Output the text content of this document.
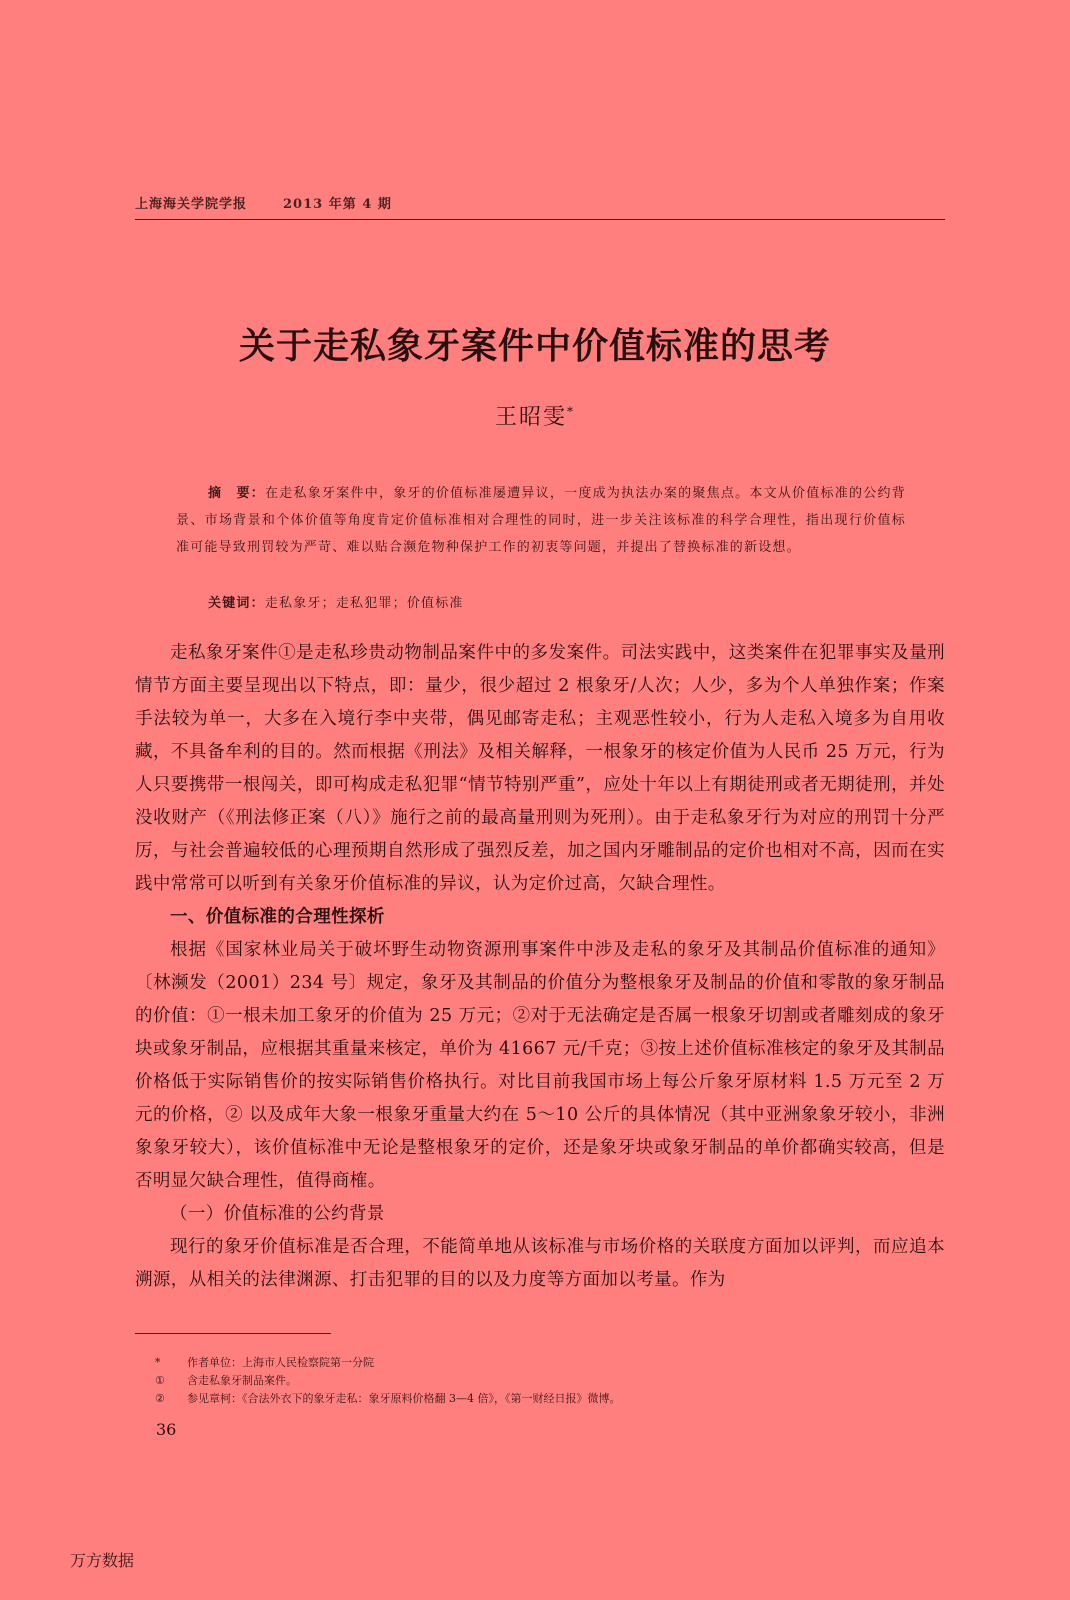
上海海关学院学报	2013 年第 4 期
关于走私象牙案件中价值标准的思考
王昭雯*
摘　要：在走私象牙案件中，象牙的价值标准屡遭异议，一度成为执法办案的聚焦点。本文从价值标准的公约背景、市场背景和个体价值等角度肯定价值标准相对合理性的同时，进一步关注该标准的科学合理性，指出现行价值标准可能导致刑罚较为严苛、难以贴合濒危物种保护工作的初衷等问题，并提出了替换标准的新设想。
关键词：走私象牙；走私犯罪；价值标准

走私象牙案件①是走私珍贵动物制品案件中的多发案件。司法实践中，这类案件在犯罪事实及量刑情节方面主要呈现出以下特点，即：量少，很少超过 2 根象牙/人次；人少，多为个人单独作案；作案手法较为单一，大多在入境行李中夹带，偶见邮寄走私；主观恶性较小，行为人走私入境多为自用收藏，不具备牟利的目的。然而根据《刑法》及相关解释，一根象牙的核定价值为人民币 25 万元，行为人只要携带一根闯关，即可构成走私犯罪“情节特别严重”，应处十年以上有期徒刑或者无期徒刑，并处没收财产（《刑法修正案（八）》施行之前的最高量刑则为死刑）。由于走私象牙行为对应的刑罚十分严厉，与社会普遍较低的心理预期自然形成了强烈反差，加之国内牙雕制品的定价也相对不高，因而在实践中常常可以听到有关象牙价值标准的异议，认为定价过高，欠缺合理性。

一、价值标准的合理性探析

根据《国家林业局关于破坏野生动物资源刑事案件中涉及走私的象牙及其制品价值标准的通知》〔林濒发（2001）234 号〕规定，象牙及其制品的价值分为整根象牙及制品的价值和零散的象牙制品的价值：①一根未加工象牙的价值为 25 万元；②对于无法确定是否属一根象牙切割或者雕刻成的象牙块或象牙制品，应根据其重量来核定，单价为 41667 元/千克；③按上述价值标准核定的象牙及其制品价格低于实际销售价的按实际销售价格执行。对比目前我国市场上每公斤象牙原材料 1.5 万元至 2 万元的价格，② 以及成年大象一根象牙重量大约在 5～10 公斤的具体情况（其中亚洲象象牙较小，非洲象象牙较大），该价值标准中无论是整根象牙的定价，还是象牙块或象牙制品的单价都确实较高，但是否明显欠缺合理性，值得商榷。

（一）价值标准的公约背景

现行的象牙价值标准是否合理，不能简单地从该标准与市场价格的关联度方面加以评判，而应追本溯源，从相关的法律渊源、打击犯罪的目的以及力度等方面加以考量。作为

* 作者单位：上海市人民检察院第一分院
① 含走私象牙制品案件。
② 参见章柯：《合法外衣下的象牙走私：象牙原料价格翻 3—4 倍》，《第一财经日报》微博。
36
万方数据
